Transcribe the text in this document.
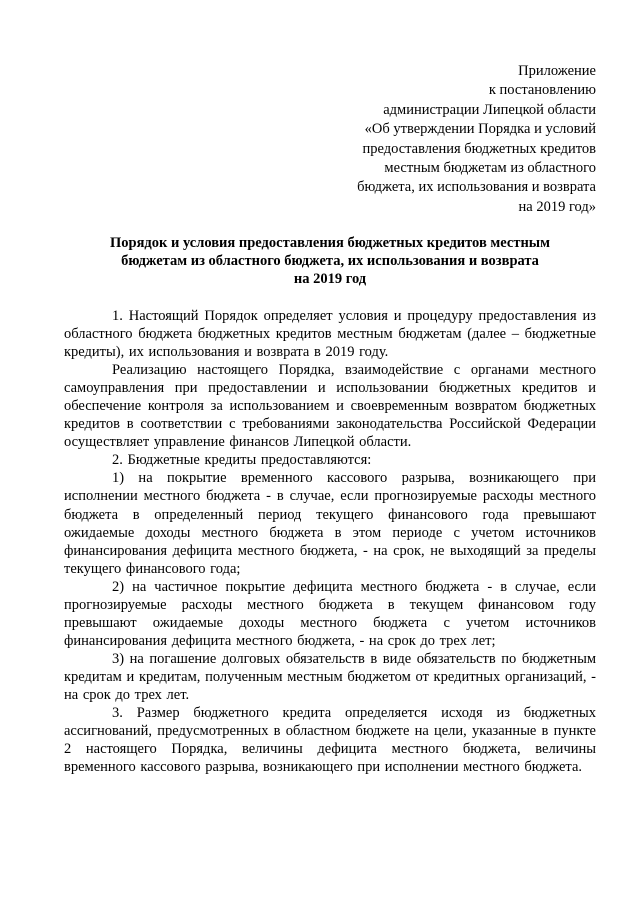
Приложение
к постановлению
администрации Липецкой области
«Об утверждении Порядка и условий
предоставления бюджетных кредитов
местным бюджетам из областного
бюджета, их использования и возврата
на 2019 год»
Порядок и условия предоставления бюджетных кредитов местным
бюджетам из областного бюджета, их использования и возврата
на 2019 год
1. Настоящий Порядок определяет условия и процедуру предоставления из областного бюджета бюджетных кредитов местным бюджетам (далее – бюджетные кредиты), их использования и возврата в 2019 году.
Реализацию настоящего Порядка, взаимодействие с органами местного самоуправления при предоставлении и использовании бюджетных кредитов и обеспечение контроля за использованием и своевременным возвратом бюджетных кредитов в соответствии с требованиями законодательства Российской Федерации осуществляет управление финансов Липецкой области.
2. Бюджетные кредиты предоставляются:
1) на покрытие временного кассового разрыва, возникающего при исполнении местного бюджета - в случае, если прогнозируемые расходы местного бюджета в определенный период текущего финансового года превышают ожидаемые доходы местного бюджета в этом периоде с учетом источников финансирования дефицита местного бюджета, - на срок, не выходящий за пределы текущего финансового года;
2) на частичное покрытие дефицита местного бюджета - в случае, если прогнозируемые расходы местного бюджета в текущем финансовом году превышают ожидаемые доходы местного бюджета с учетом источников финансирования дефицита местного бюджета, - на срок до трех лет;
3) на погашение долговых обязательств в виде обязательств по бюджетным кредитам и кредитам, полученным местным бюджетом от кредитных организаций, - на срок до трех лет.
3. Размер бюджетного кредита определяется исходя из бюджетных ассигнований, предусмотренных в областном бюджете на цели, указанные в пункте 2 настоящего Порядка, величины дефицита местного бюджета, величины временного кассового разрыва, возникающего при исполнении местного бюджета.
